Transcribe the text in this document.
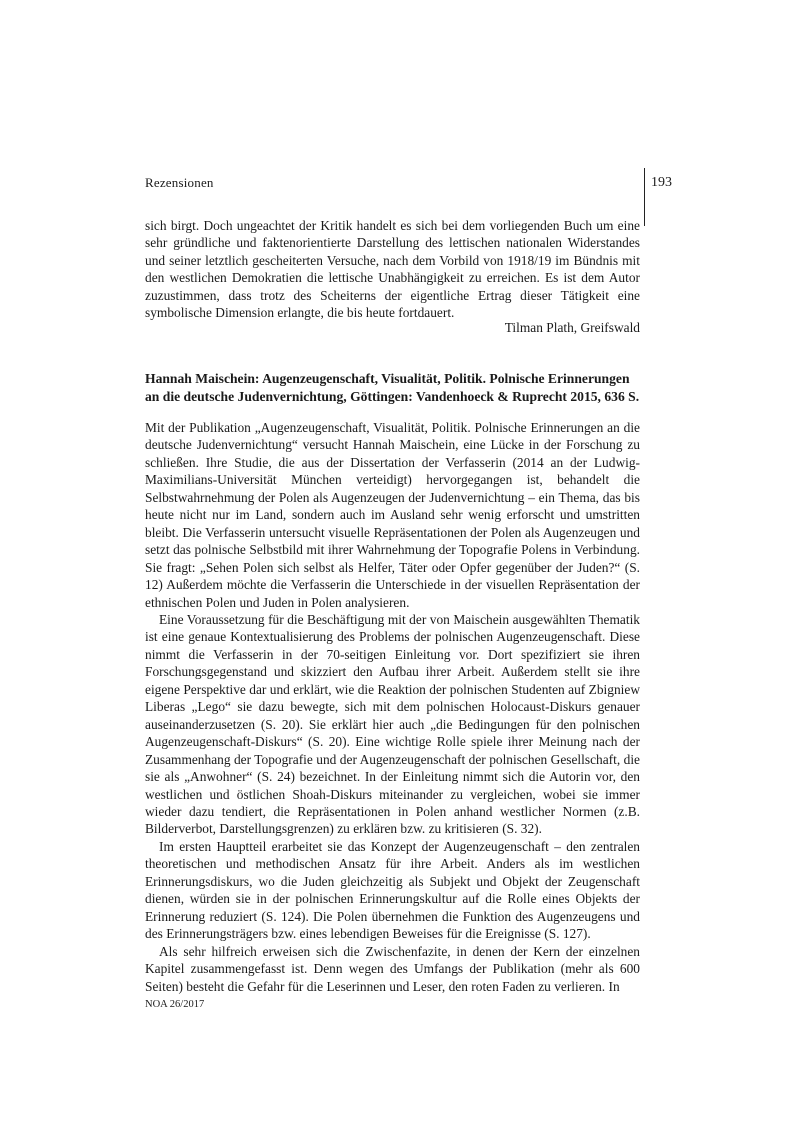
Rezensionen	193

sich birgt. Doch ungeachtet der Kritik handelt es sich bei dem vorliegenden Buch um eine sehr gründliche und faktenorientierte Darstellung des lettischen nationalen Widerstandes und seiner letztlich gescheiterten Versuche, nach dem Vorbild von 1918/19 im Bündnis mit den westlichen Demokratien die lettische Unabhängigkeit zu erreichen. Es ist dem Autor zuzustimmen, dass trotz des Scheiterns der eigentliche Ertrag dieser Tätigkeit eine symbolische Dimension erlangte, die bis heute fortdauert.

Tilman Plath, Greifswald
Hannah Maischein: Augenzeugenschaft, Visualität, Politik. Polnische Erinnerungen an die deutsche Judenvernichtung, Göttingen: Vandenhoeck & Ruprecht 2015, 636 S.

Mit der Publikation „Augenzeugenschaft, Visualität, Politik. Polnische Erinnerungen an die deutsche Judenvernichtung“ versucht Hannah Maischein, eine Lücke in der Forschung zu schließen. Ihre Studie, die aus der Dissertation der Verfasserin (2014 an der Ludwig-Maximilians-Universität München verteidigt) hervorgegangen ist, behandelt die Selbstwahrnehmung der Polen als Augenzeugen der Judenvernichtung – ein Thema, das bis heute nicht nur im Land, sondern auch im Ausland sehr wenig erforscht und umstritten bleibt. Die Verfasserin untersucht visuelle Repräsentationen der Polen als Augenzeugen und setzt das polnische Selbstbild mit ihrer Wahrnehmung der Topografie Polens in Verbindung. Sie fragt: „Sehen Polen sich selbst als Helfer, Täter oder Opfer gegenüber der Juden?“ (S. 12) Außerdem möchte die Verfasserin die Unterschiede in der visuellen Repräsentation der ethnischen Polen und Juden in Polen analysieren.

Eine Voraussetzung für die Beschäftigung mit der von Maischein ausgewählten Thematik ist eine genaue Kontextualisierung des Problems der polnischen Augenzeugenschaft. Diese nimmt die Verfasserin in der 70-seitigen Einleitung vor. Dort spezifiziert sie ihren Forschungsgegenstand und skizziert den Aufbau ihrer Arbeit. Außerdem stellt sie ihre eigene Perspektive dar und erklärt, wie die Reaktion der polnischen Studenten auf Zbigniew Liberas „Lego“ sie dazu bewegte, sich mit dem polnischen Holocaust-Diskurs genauer auseinanderzusetzen (S. 20). Sie erklärt hier auch „die Bedingungen für den polnischen Augenzeugenschaft-Diskurs“ (S. 20). Eine wichtige Rolle spiele ihrer Meinung nach der Zusammenhang der Topografie und der Augenzeugenschaft der polnischen Gesellschaft, die sie als „Anwohner“ (S. 24) bezeichnet. In der Einleitung nimmt sich die Autorin vor, den westlichen und östlichen Shoah-Diskurs miteinander zu vergleichen, wobei sie immer wieder dazu tendiert, die Repräsentationen in Polen anhand westlicher Normen (z.B. Bilderverbot, Darstellungsgrenzen) zu erklären bzw. zu kritisieren (S. 32).

Im ersten Hauptteil erarbeitet sie das Konzept der Augenzeugenschaft – den zentralen theoretischen und methodischen Ansatz für ihre Arbeit. Anders als im westlichen Erinnerungsdiskurs, wo die Juden gleichzeitig als Subjekt und Objekt der Zeugenschaft dienen, würden sie in der polnischen Erinnerungskultur auf die Rolle eines Objekts der Erinnerung reduziert (S. 124). Die Polen übernehmen die Funktion des Augenzeugens und des Erinnerungsträgers bzw. eines lebendigen Beweises für die Ereignisse (S. 127).

Als sehr hilfreich erweisen sich die Zwischenfazite, in denen der Kern der einzelnen Kapitel zusammengefasst ist. Denn wegen des Umfangs der Publikation (mehr als 600 Seiten) besteht die Gefahr für die Leserinnen und Leser, den roten Faden zu verlieren. In

NOA 26/2017
